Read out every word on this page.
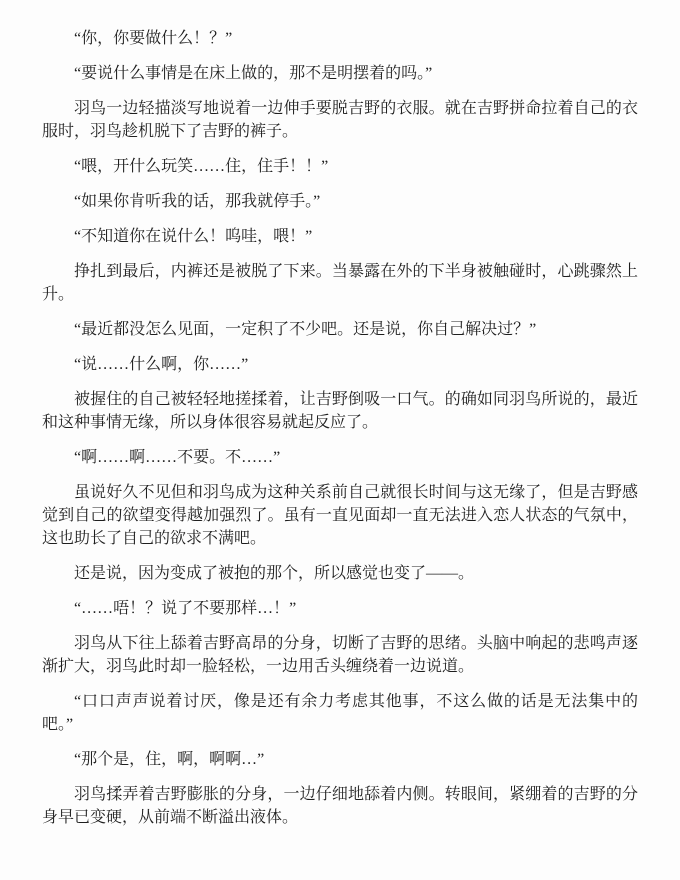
“你，你要做什么！？”

“要说什么事情是在床上做的，那不是明摆着的吗。”

羽鸟一边轻描淡写地说着一边伸手要脱吉野的衣服。就在吉野拼命拉着自己的衣服时，羽鸟趁机脱下了吉野的裤子。

“喂，开什么玩笑……住，住手！！”

“如果你肯听我的话，那我就停手。”

“不知道你在说什么！呜哇，喂！”

挣扎到最后，内裤还是被脱了下来。当暴露在外的下半身被触碰时，心跳骤然上升。

“最近都没怎么见面，一定积了不少吧。还是说，你自己解决过？”

“说……什么啊，你……”

被握住的自己被轻轻地搓揉着，让吉野倒吸一口气。的确如同羽鸟所说的，最近和这种事情无缘，所以身体很容易就起反应了。

“啊……啊……不要。不……”

虽说好久不见但和羽鸟成为这种关系前自己就很长时间与这无缘了，但是吉野感觉到自己的欲望变得越加强烈了。虽有一直见面却一直无法进入恋人状态的气氛中，这也助长了自己的欲求不满吧。

还是说，因为变成了被抱的那个，所以感觉也变了——。

“……唔！？说了不要那样…！”

羽鸟从下往上舔着吉野高昂的分身，切断了吉野的思绪。头脑中响起的悲鸣声逐渐扩大，羽鸟此时却一脸轻松，一边用舌头缠绕着一边说道。

“口口声声说着讨厌，像是还有余力考虑其他事，不这么做的话是无法集中的吧。”

“那个是，住，啊，啊啊…”

羽鸟揉弄着吉野膨胀的分身，一边仔细地舔着内侧。转眼间，紧绷着的吉野的分身早已变硬，从前端不断溢出液体。
